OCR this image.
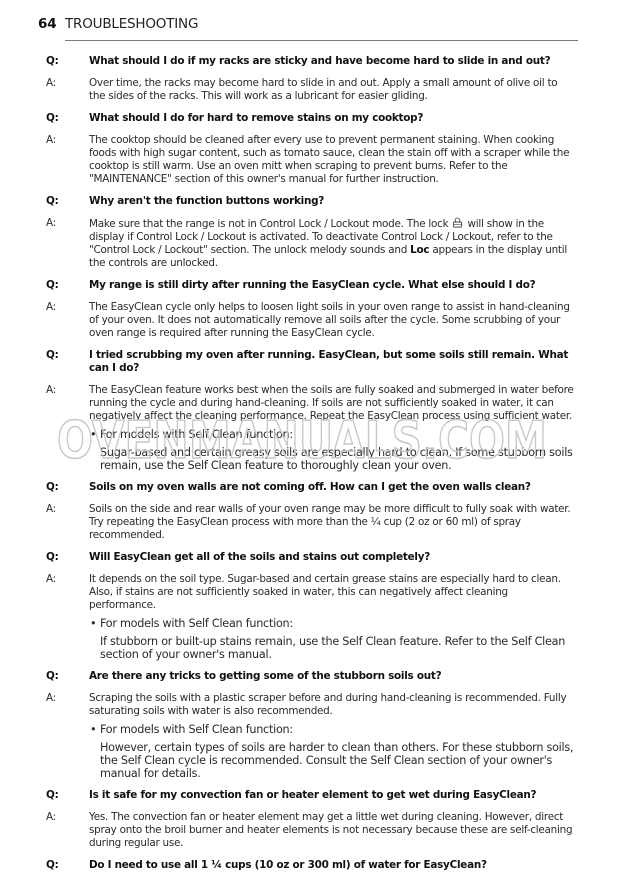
64 TROUBLESHOOTING
Q:	What should I do if my racks are sticky and have become hard to slide in and out?
A:	Over time, the racks may become hard to slide in and out. Apply a small amount of olive oil to the sides of the racks. This will work as a lubricant for easier gliding.
Q:	What should I do for hard to remove stains on my cooktop?
A:	The cooktop should be cleaned after every use to prevent permanent staining. When cooking foods with high sugar content, such as tomato sauce, clean the stain off with a scraper while the cooktop is still warm. Use an oven mitt when scraping to prevent burns. Refer to the "MAINTENANCE" section of this owner's manual for further instruction.
Q:	Why aren't the function buttons working?
A:	Make sure that the range is not in Control Lock / Lockout mode. The lock will show in the display if Control Lock / Lockout is activated. To deactivate Control Lock / Lockout, refer to the "Control Lock / Lockout" section. The unlock melody sounds and Loc appears in the display until the controls are unlocked.
Q:	My range is still dirty after running the EasyClean cycle. What else should I do?
A:	The EasyClean cycle only helps to loosen light soils in your oven range to assist in hand-cleaning of your oven. It does not automatically remove all soils after the cycle. Some scrubbing of your oven range is required after running the EasyClean cycle.
Q:	I tried scrubbing my oven after running. EasyClean, but some soils still remain. What can I do?
A:	The EasyClean feature works best when the soils are fully soaked and submerged in water before running the cycle and during hand-cleaning. If soils are not sufficiently soaked in water, it can negatively affect the cleaning performance. Repeat the EasyClean process using sufficient water.
• For models with Self Clean function:
Sugar-based and certain greasy soils are especially hard to clean. If some stubborn soils remain, use the Self Clean feature to thoroughly clean your oven.
Q:	Soils on my oven walls are not coming off. How can I get the oven walls clean?
A:	Soils on the side and rear walls of your oven range may be more difficult to fully soak with water. Try repeating the EasyClean process with more than the ¼ cup (2 oz or 60 ml) of spray recommended.
Q:	Will EasyClean get all of the soils and stains out completely?
A:	It depends on the soil type. Sugar-based and certain grease stains are especially hard to clean. Also, if stains are not sufficiently soaked in water, this can negatively affect cleaning performance.
• For models with Self Clean function:
If stubborn or built-up stains remain, use the Self Clean feature. Refer to the Self Clean section of your owner's manual.
Q:	Are there any tricks to getting some of the stubborn soils out?
A:	Scraping the soils with a plastic scraper before and during hand-cleaning is recommended. Fully saturating soils with water is also recommended.
• For models with Self Clean function:
However, certain types of soils are harder to clean than others. For these stubborn soils, the Self Clean cycle is recommended. Consult the Self Clean section of your owner's manual for details.
Q:	Is it safe for my convection fan or heater element to get wet during EasyClean?
A:	Yes. The convection fan or heater element may get a little wet during cleaning. However, direct spray onto the broil burner and heater elements is not necessary because these are self-cleaning during regular use.
Q:	Do I need to use all 1 ¼ cups (10 oz or 300 ml) of water for EasyClean?
OVENMANUALS.COM
